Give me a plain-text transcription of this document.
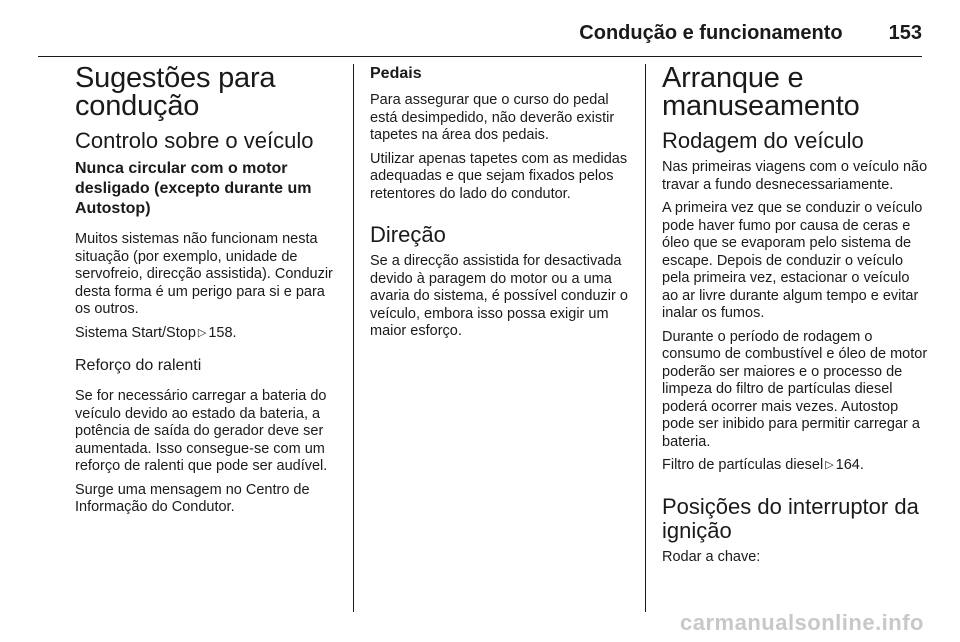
Condução e funcionamento 153
Sugestões para condução
Controlo sobre o veículo
Nunca circular com o motor desligado (excepto durante um Autostop)

Muitos sistemas não funcionam nesta situação (por exemplo, unidade de servofreio, direcção assistida). Conduzir desta forma é um perigo para si e para os outros.

Sistema Start/Stop ▷ 158.

Reforço do ralenti

Se for necessário carregar a bateria do veículo devido ao estado da bateria, a potência de saída do gerador deve ser aumentada. Isso consegue-se com um reforço de ralenti que pode ser audível.

Surge uma mensagem no Centro de Informação do Condutor.

Pedais

Para assegurar que o curso do pedal está desimpedido, não deverão existir tapetes na área dos pedais.

Utilizar apenas tapetes com as medidas adequadas e que sejam fixados pelos retentores do lado do condutor.

Direção

Se a direcção assistida for desactivada devido à paragem do motor ou a uma avaria do sistema, é possível conduzir o veículo, embora isso possa exigir um maior esforço.

Arranque e manuseamento
Rodagem do veículo

Nas primeiras viagens com o veículo não travar a fundo desnecessariamente.

A primeira vez que se conduzir o veículo pode haver fumo por causa de ceras e óleo que se evaporam pelo sistema de escape. Depois de conduzir o veículo pela primeira vez, estacionar o veículo ao ar livre durante algum tempo e evitar inalar os fumos.

Durante o período de rodagem o consumo de combustível e óleo de motor poderão ser maiores e o processo de limpeza do filtro de partículas diesel poderá ocorrer mais vezes. Autostop pode ser inibido para permitir carregar a bateria.

Filtro de partículas diesel ▷ 164.

Posições do interruptor da ignição

Rodar a chave:

carmanualsonline.info
